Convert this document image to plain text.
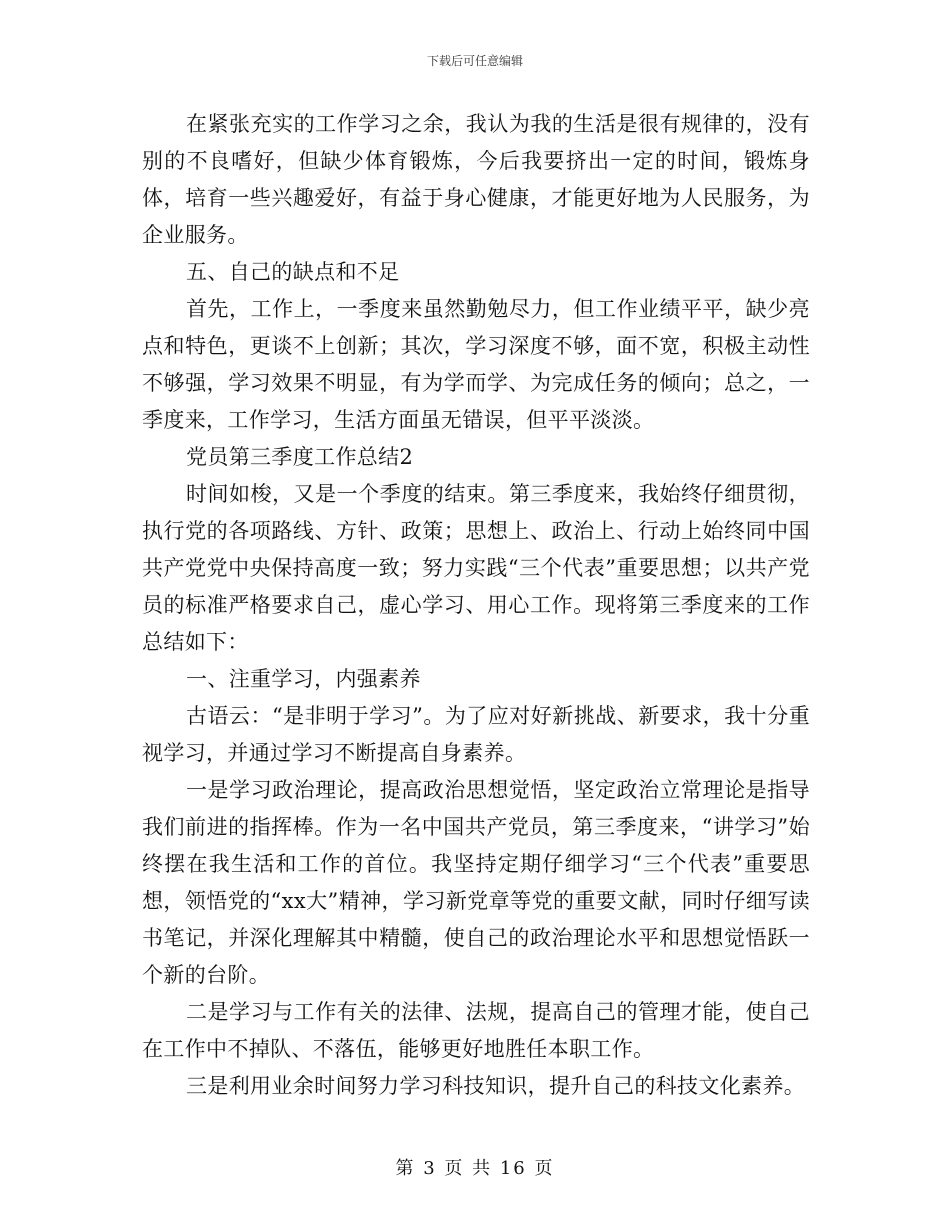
下载后可任意编辑

在紧张充实的工作学习之余，我认为我的生活是很有规律的，没有别的不良嗜好，但缺少体育锻炼，今后我要挤出一定的时间，锻炼身体，培育一些兴趣爱好，有益于身心健康，才能更好地为人民服务，为企业服务。

五、自己的缺点和不足

首先，工作上，一季度来虽然勤勉尽力，但工作业绩平平，缺少亮点和特色，更谈不上创新；其次，学习深度不够，面不宽，积极主动性不够强，学习效果不明显，有为学而学、为完成任务的倾向；总之，一季度来，工作学习，生活方面虽无错误，但平平淡淡。

党员第三季度工作总结2

时间如梭，又是一个季度的结束。第三季度来，我始终仔细贯彻，执行党的各项路线、方针、政策；思想上、政治上、行动上始终同中国共产党党中央保持高度一致；努力实践“三个代表”重要思想；以共产党员的标准严格要求自己，虚心学习、用心工作。现将第三季度来的工作总结如下：

一、注重学习，内强素养

古语云：“是非明于学习”。为了应对好新挑战、新要求，我十分重视学习，并通过学习不断提高自身素养。

一是学习政治理论，提高政治思想觉悟，坚定政治立常理论是指导我们前进的指挥棒。作为一名中国共产党员，第三季度来，“讲学习”始终摆在我生活和工作的首位。我坚持定期仔细学习“三个代表”重要思想，领悟党的“xx大”精神，学习新党章等党的重要文献，同时仔细写读书笔记，并深化理解其中精髓，使自己的政治理论水平和思想觉悟跃一个新的台阶。

二是学习与工作有关的法律、法规，提高自己的管理才能，使自己在工作中不掉队、不落伍，能够更好地胜任本职工作。

三是利用业余时间努力学习科技知识，提升自己的科技文化素养。

第 3 页 共 16 页
